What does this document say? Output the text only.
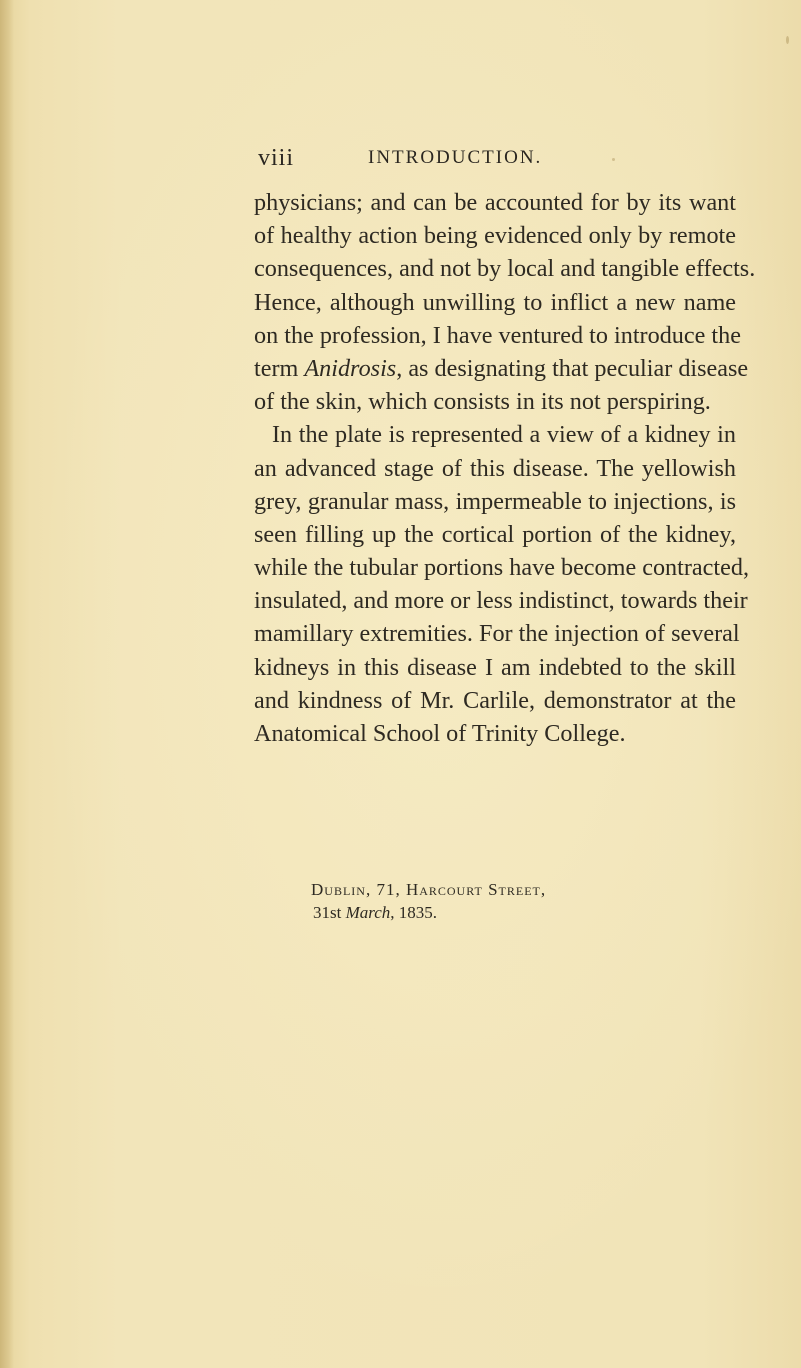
viii	INTRODUCTION.
physicians; and can be accounted for by its want
of healthy action being evidenced only by remote
consequences, and not by local and tangible effects.
Hence, although unwilling to inflict a new name
on the profession, I have ventured to introduce the
term Anidrosis, as designating that peculiar disease
of the skin, which consists in its not perspiring.
In the plate is represented a view of a kidney in
an advanced stage of this disease. The yellowish
grey, granular mass, impermeable to injections, is
seen filling up the cortical portion of the kidney,
while the tubular portions have become contracted,
insulated, and more or less indistinct, towards their
mamillary extremities. For the injection of several
kidneys in this disease I am indebted to the skill
and kindness of Mr. Carlile, demonstrator at the
Anatomical School of Trinity College.
Dublin, 71, Harcourt Street,
31st March, 1835.
